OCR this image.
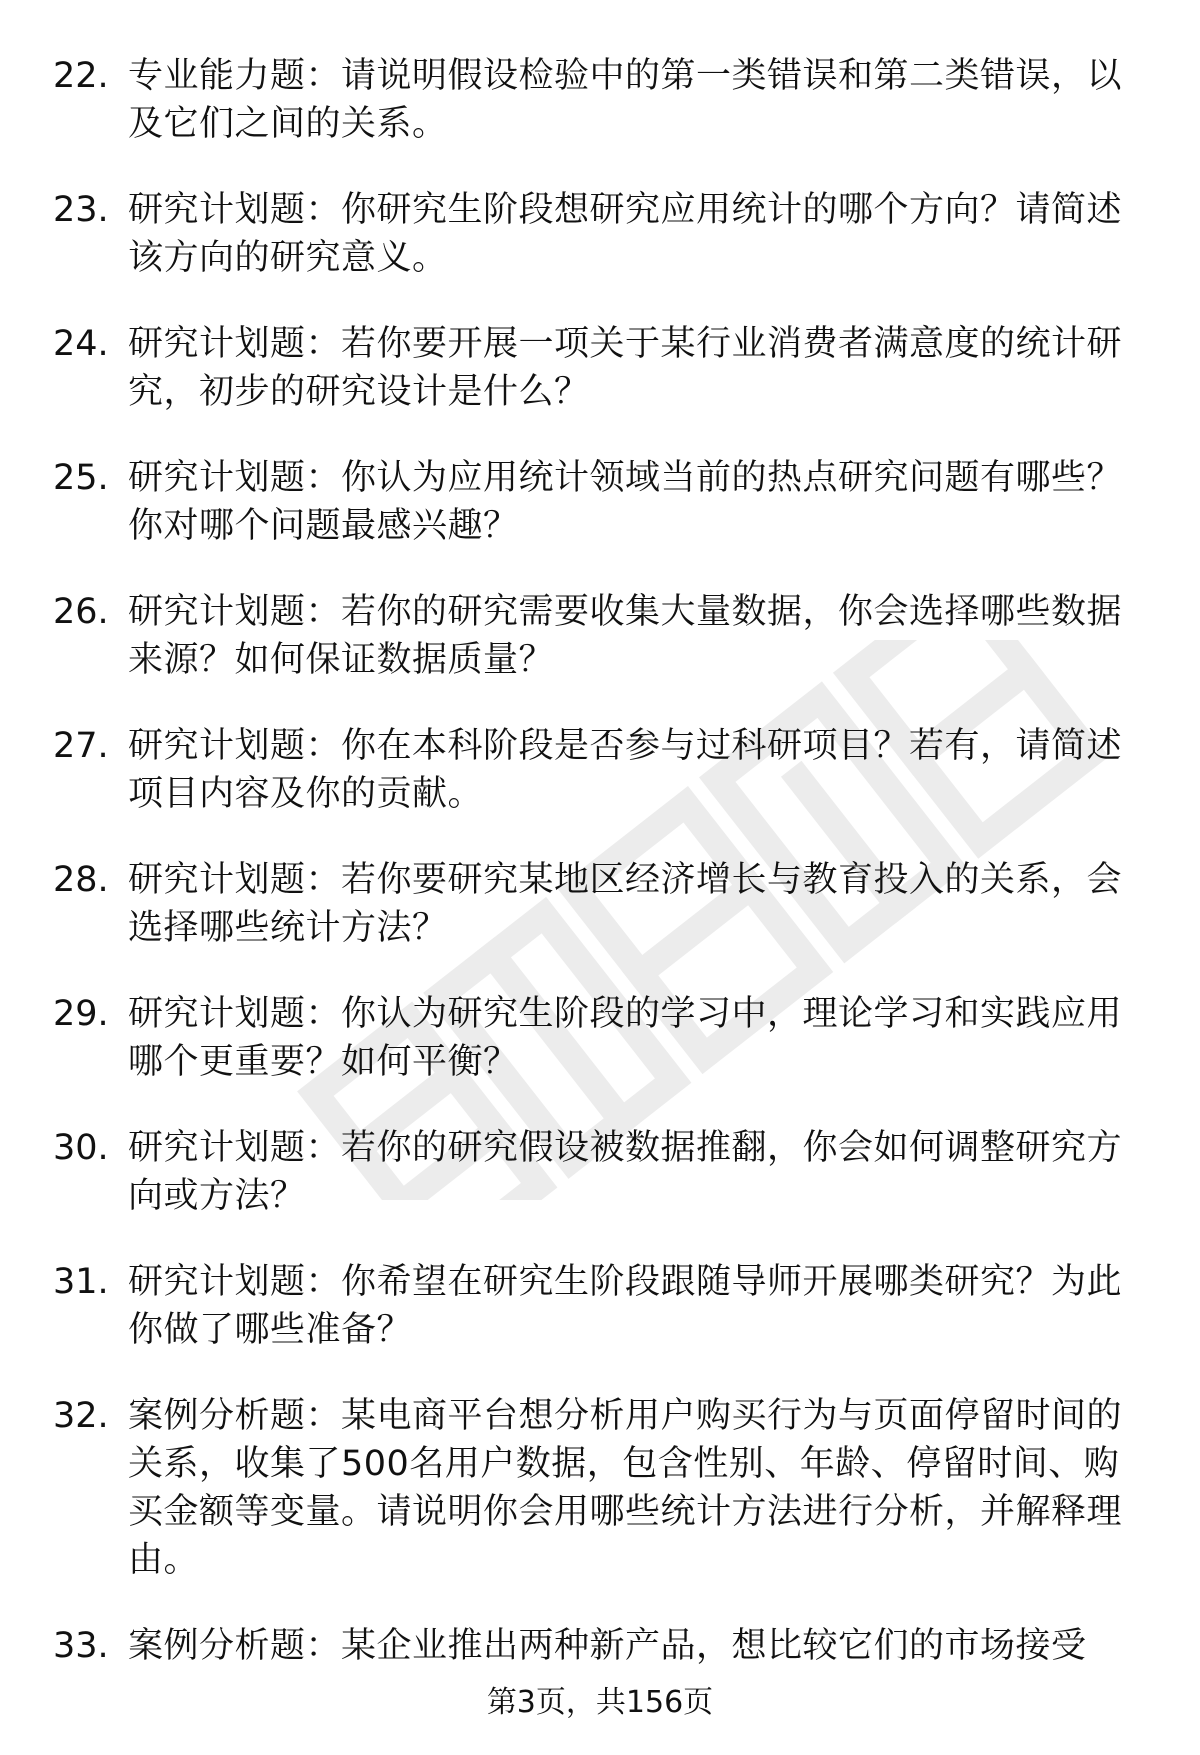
22. 专业能力题：请说明假设检验中的第一类错误和第二类错误，以及它们之间的关系。
23. 研究计划题：你研究生阶段想研究应用统计的哪个方向？请简述该方向的研究意义。
24. 研究计划题：若你要开展一项关于某行业消费者满意度的统计研究，初步的研究设计是什么？
25. 研究计划题：你认为应用统计领域当前的热点研究问题有哪些？你对哪个问题最感兴趣？
26. 研究计划题：若你的研究需要收集大量数据，你会选择哪些数据来源？如何保证数据质量？
27. 研究计划题：你在本科阶段是否参与过科研项目？若有，请简述项目内容及你的贡献。
28. 研究计划题：若你要研究某地区经济增长与教育投入的关系，会选择哪些统计方法？
29. 研究计划题：你认为研究生阶段的学习中，理论学习和实践应用哪个更重要？如何平衡？
30. 研究计划题：若你的研究假设被数据推翻，你会如何调整研究方向或方法？
31. 研究计划题：你希望在研究生阶段跟随导师开展哪类研究？为此你做了哪些准备？
32. 案例分析题：某电商平台想分析用户购买行为与页面停留时间的关系，收集了500名用户数据，包含性别、年龄、停留时间、购买金额等变量。请说明你会用哪些统计方法进行分析，并解释理由。
33. 案例分析题：某企业推出两种新产品，想比较它们的市场接受
第3页，共156页
